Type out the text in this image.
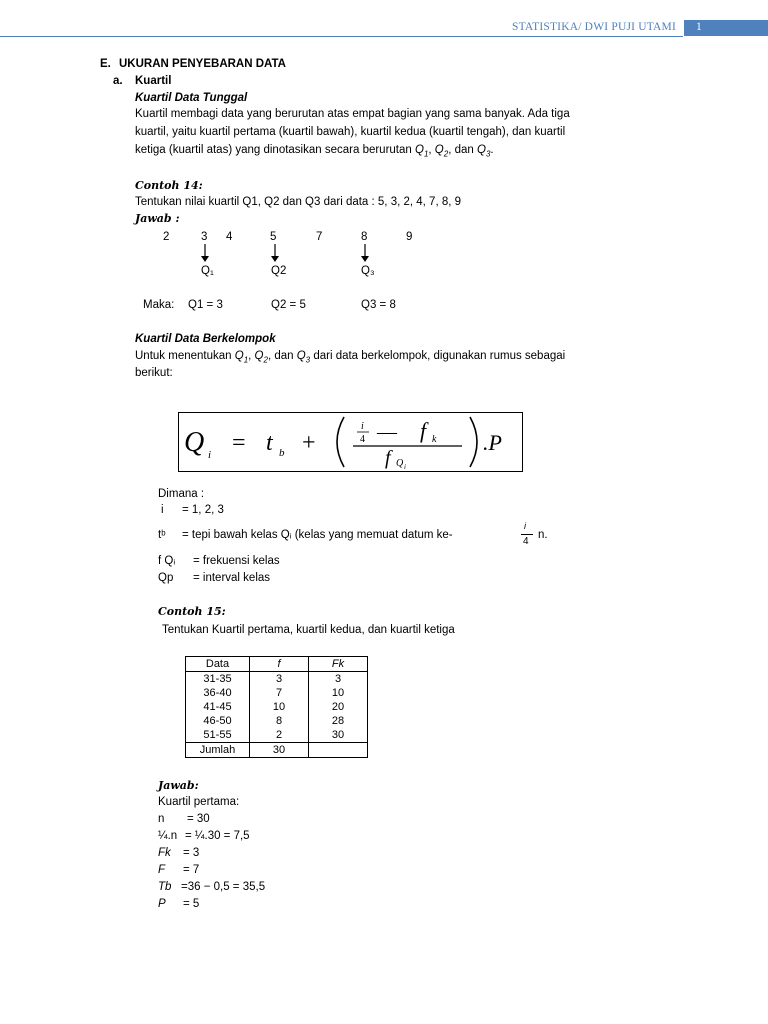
STATISTIKA/ DWI PUJI UTAMI 1
E. UKURAN PENYEBARAN DATA
a. Kuartil
Kuartil Data Tunggal
Kuartil membagi data yang berurutan atas empat bagian yang sama banyak. Ada tiga
kuartil, yaitu kuartil pertama (kuartil bawah), kuartil kedua (kuartil tengah), dan kuartil
ketiga (kuartil atas) yang dinotasikan secara berurutan $Q_1$, $Q_2$, dan $Q_3$.
Contoh 14:
Tentukan nilai kuartil Q1, Q2 dan Q3 dari data : 5, 3, 2, 4, 7, 8, 9
Jawab :
2	3 4	5	7	8	9
Q₁	Q2	Q₃
Maka: Q1 = 3	Q2 = 5	Q3 = 8
Kuartil Data Berkelompok
Untuk menentukan $Q_1$, $Q_2$, dan $Q_3$ dari data berkelompok, digunakan rumus sebagai
berikut:
Q i = t b +
i
4 — f k
f Q i
.P
Dimana :
i = 1, 2, 3
tᵇ = tepi bawah kelas Qᵢ (kelas yang memuat datum ke-
i
4
n.
f Qᵢ = frekuensi kelas
Qp = interval kelas
Contoh 15:
Tentukan Kuartil pertama, kuartil kedua, dan kuartil ketiga
Data	f	Fk
31-35	3	3
36-40	7	10
41-45	10	20
46-50	8	28
51-55	2	30
Jumlah	30	
Jawab:
Kuartil pertama:
n = 30
¼.n = ¼.30 = 7,5
Fk = 3
F = 7
Tb =36 − 0,5 = 35,5
P = 5
